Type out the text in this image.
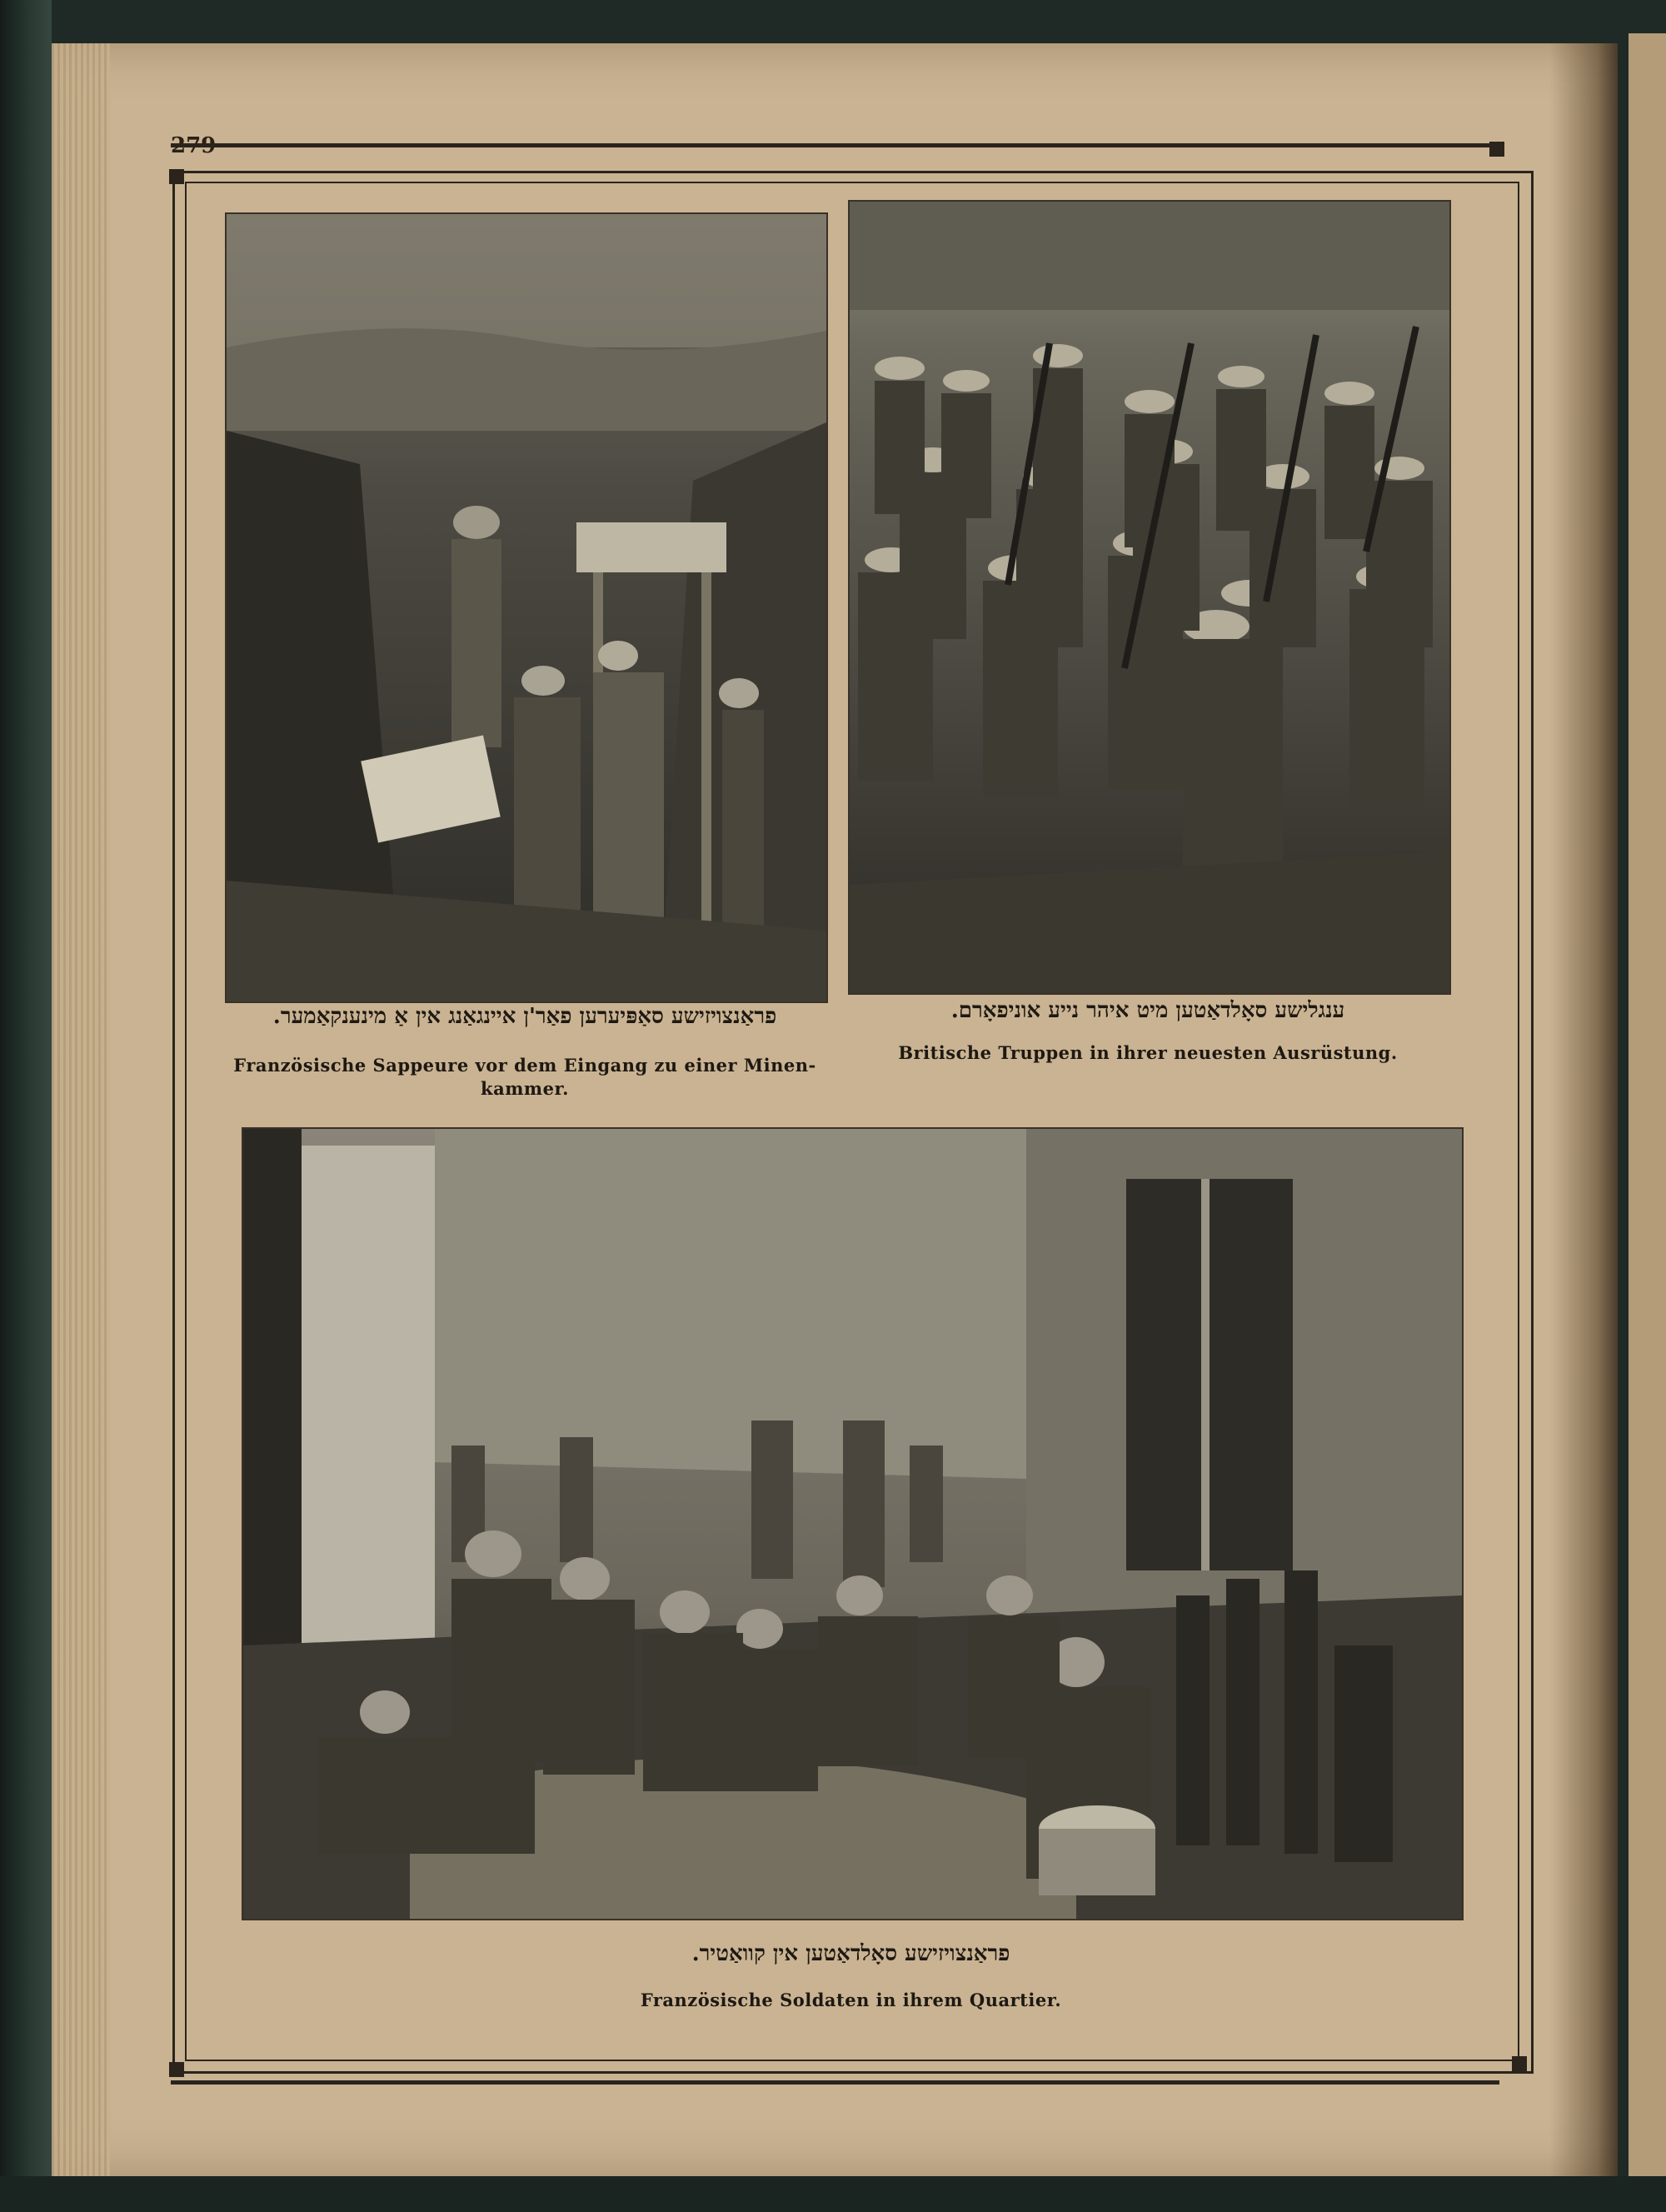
279
פראַנצויזישע סאַפּיערען פאַר'ן איינגאַנג אין אַ מינענקאַמער.
Französische Sappeure vor dem Eingang zu einer Minen-kammer.
ענגלישע סאָלדאַטען מיט איהר נייע אוניפאָרם.
Britische Truppen in ihrer neuesten Ausrüstung.
פראַנצויזישע סאָלדאַטען אין קוואַטיר.
Französische Soldaten in ihrem Quartier.
